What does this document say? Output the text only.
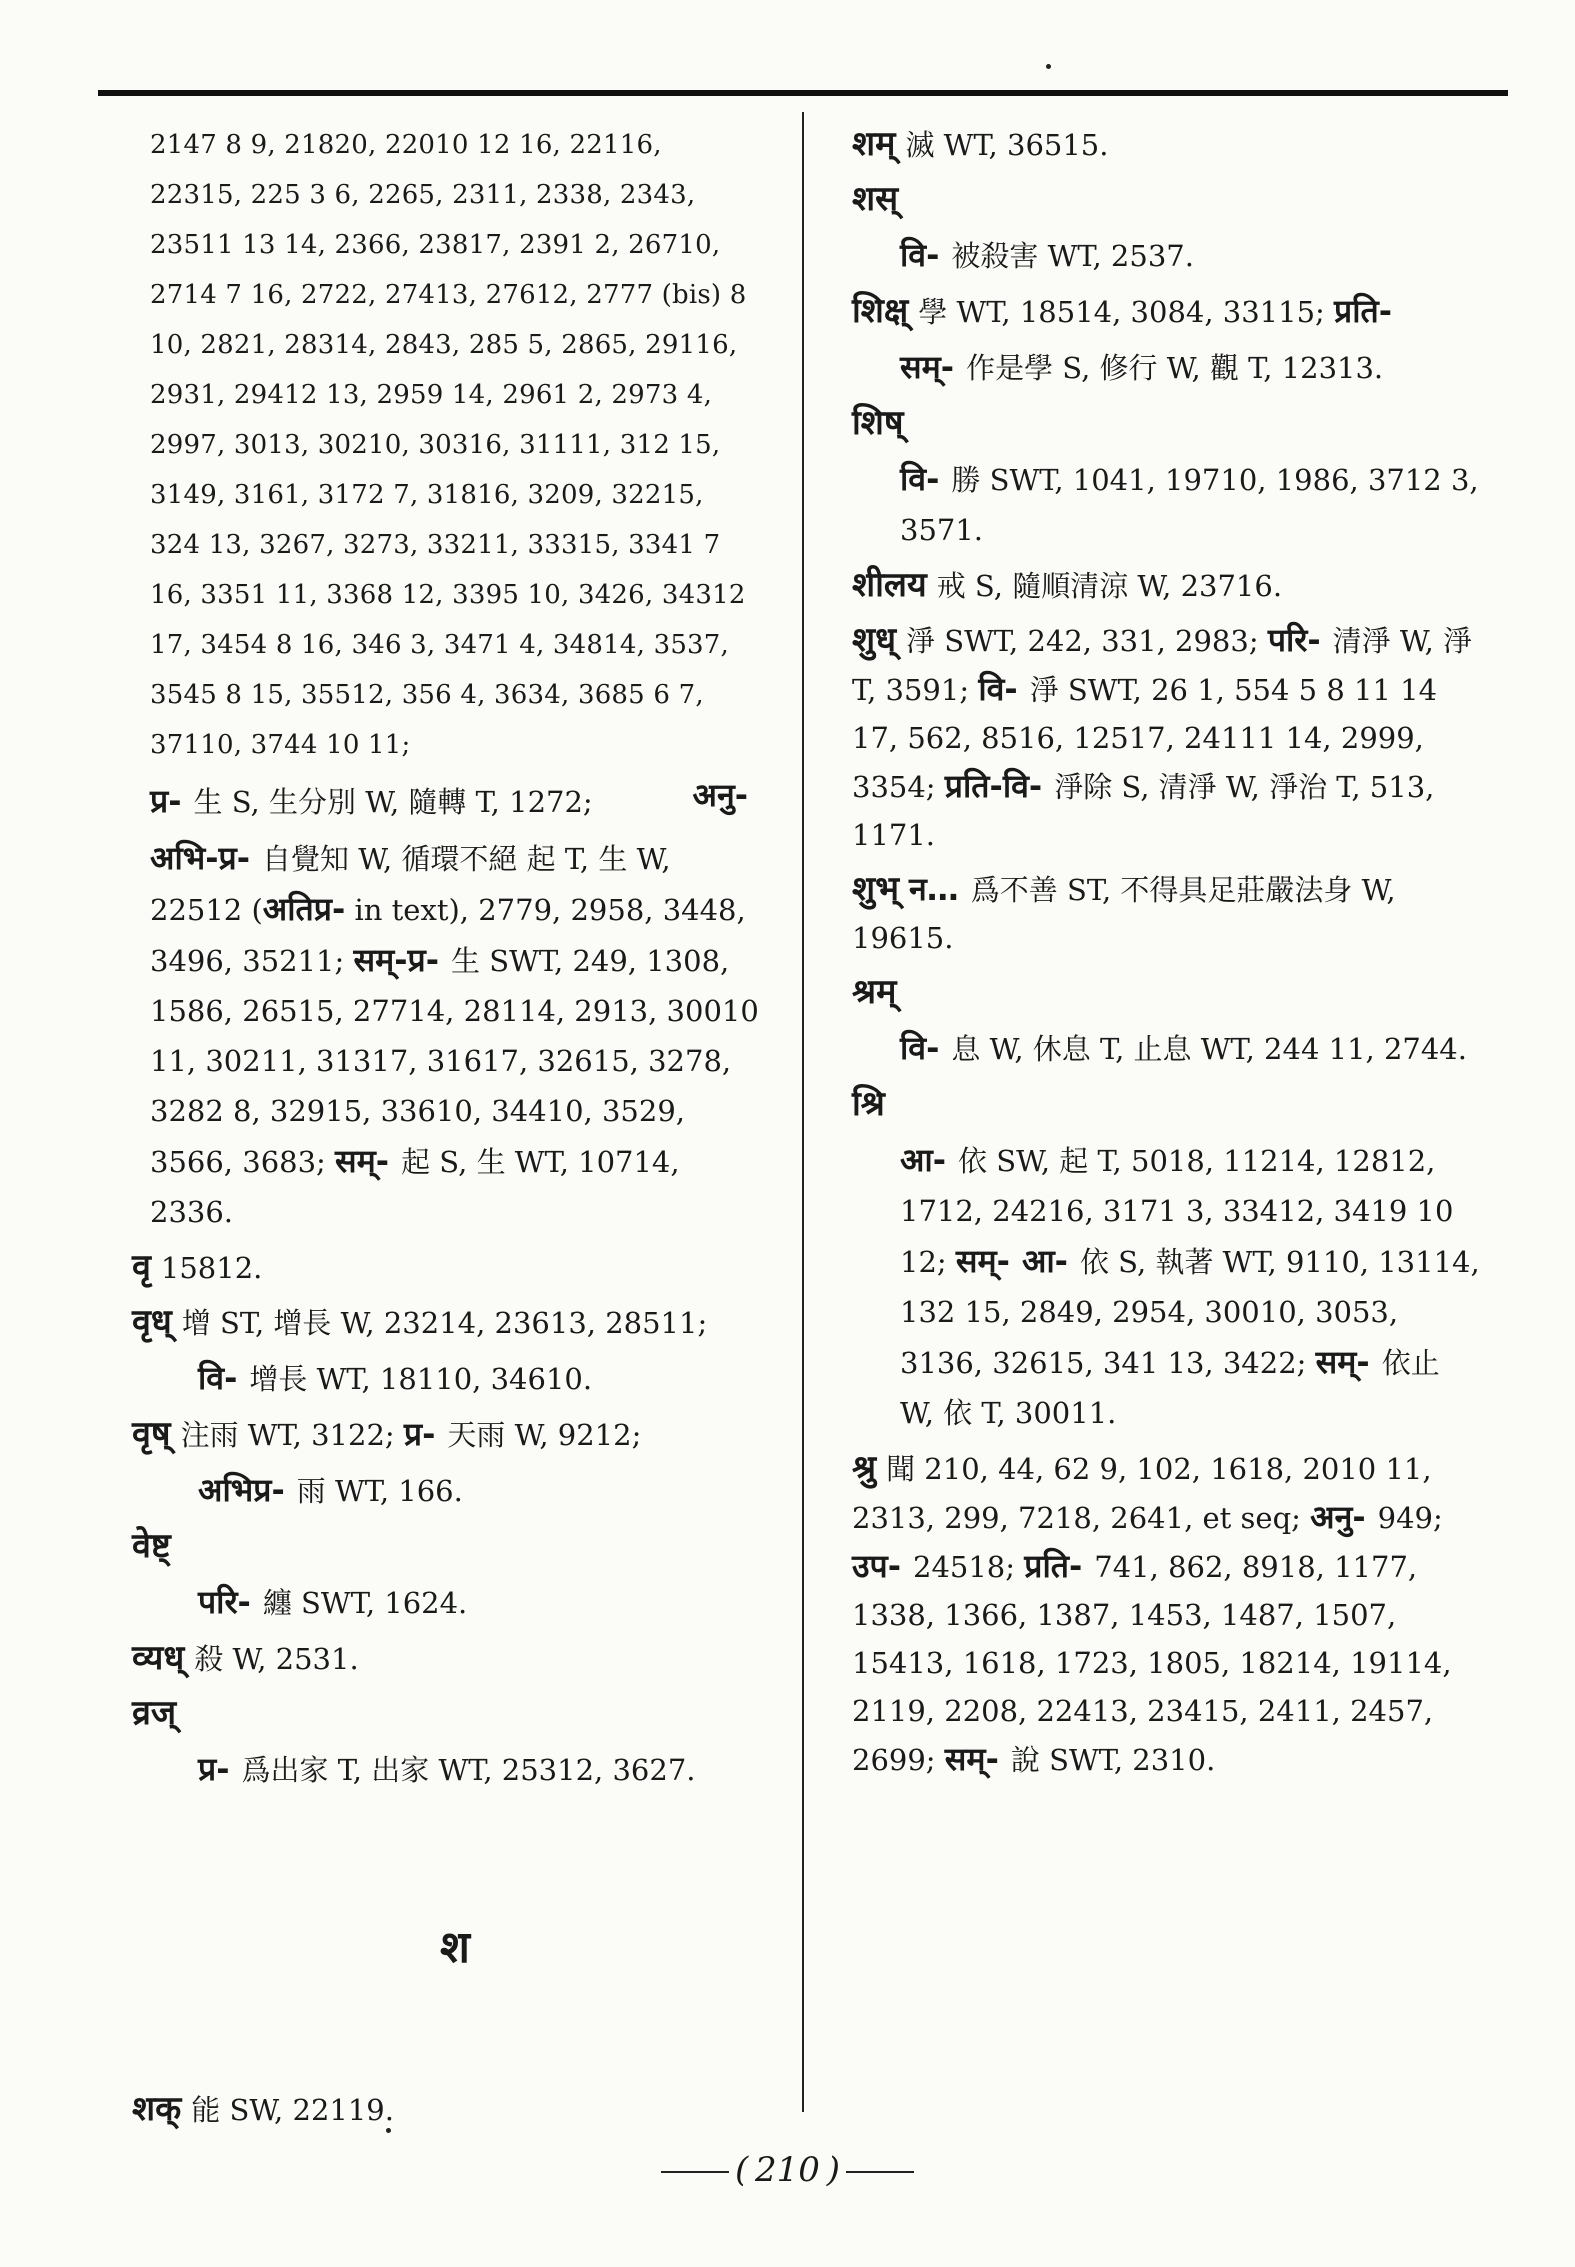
2147 8 9, 21820, 22010 12 16, 22116, 22315, 225 3 6, 2265, 2311, 2338, 2343, 23511 13 14, 2366, 23817, 2391 2, 26710, 2714 7 16, 2722, 27413, 27612, 2777 (bis) 8 10, 2821, 28314, 2843, 285 5, 2865, 29116, 2931, 29412 13, 2959 14, 2961 2, 2973 4, 2997, 3013, 30210, 30316, 31111, 312 15, 3149, 3161, 3172 7, 31816, 3209, 32215, 324 13, 3267, 3273, 33211, 33315, 3341 7 16, 3351 11, 3368 12, 3395 10, 3426, 34312 17, 3454 8 16, 346 3, 3471 4, 34814, 3537, 3545 8 15, 35512, 356 4, 3634, 3685 6 7, 37110, 3744 10 11;

अनु-

प्र- 生 S, 生分別 W, 隨轉 T, 1272;

अभि-प्र- 自覺知 W, 循環不絕 起 T, 生 W, 22512 (अतिप्र- in text), 2779, 2958, 3448, 3496, 35211; सम्-प्र- 生 SWT, 249, 1308, 1586, 26515, 27714, 28114, 2913, 30010 11, 30211, 31317, 31617, 32615, 3278, 3282 8, 32915, 33610, 34410, 3529, 3566, 3683; सम्- 起 S, 生 WT, 10714, 2336.

वृ 15812.

वृध् 增 ST, 增長 W, 23214, 23613, 28511;

वि- 增長 WT, 18110, 34610.

वृष् 注雨 WT, 3122; प्र- 天雨 W, 9212;

अभिप्र- 雨 WT, 166.

वेष्ट्

परि- 纏 SWT, 1624.

व्यध् 殺 W, 2531.

व्रज्

प्र- 爲出家 T, 出家 WT, 25312, 3627.

श

शक् 能 SW, 22119.

शम् 滅 WT, 36515.

शस्

वि- 被殺害 WT, 2537.

शिक्ष् 學 WT, 18514, 3084, 33115; प्रति-

सम्- 作是學 S, 修行 W, 觀 T, 12313.

शिष्

वि- 勝 SWT, 1041, 19710, 1986, 3712 3, 3571.

शीलय 戒 S, 隨順清涼 W, 23716.

शुध् 淨 SWT, 242, 331, 2983; परि- 清淨 W, 淨 T, 3591; वि- 淨 SWT, 26 1, 554 5 8 11 14 17, 562, 8516, 12517, 24111 14, 2999, 3354; प्रति-वि- 淨除 S, 清淨 W, 淨治 T, 513, 1171.

शुभ् न… 爲不善 ST, 不得具足莊嚴法身 W, 19615.

श्रम्

वि- 息 W, 休息 T, 止息 WT, 244 11, 2744.

श्रि

आ- 依 SW, 起 T, 5018, 11214, 12812, 1712, 24216, 3171 3, 33412, 3419 10 12; सम्- आ- 依 S, 執著 WT, 9110, 13114, 132 15, 2849, 2954, 30010, 3053, 3136, 32615, 341 13, 3422; सम्- 依止 W, 依 T, 30011.

श्रु 聞 210, 44, 62 9, 102, 1618, 2010 11, 2313, 299, 7218, 2641, et seq; अनु- 949; उप- 24518; प्रति- 741, 862, 8918, 1177, 1338, 1366, 1387, 1453, 1487, 1507, 15413, 1618, 1723, 1805, 18214, 19114, 2119, 2208, 22413, 23415, 2411, 2457, 2699; सम्- 說 SWT, 2310.

( 210 )
